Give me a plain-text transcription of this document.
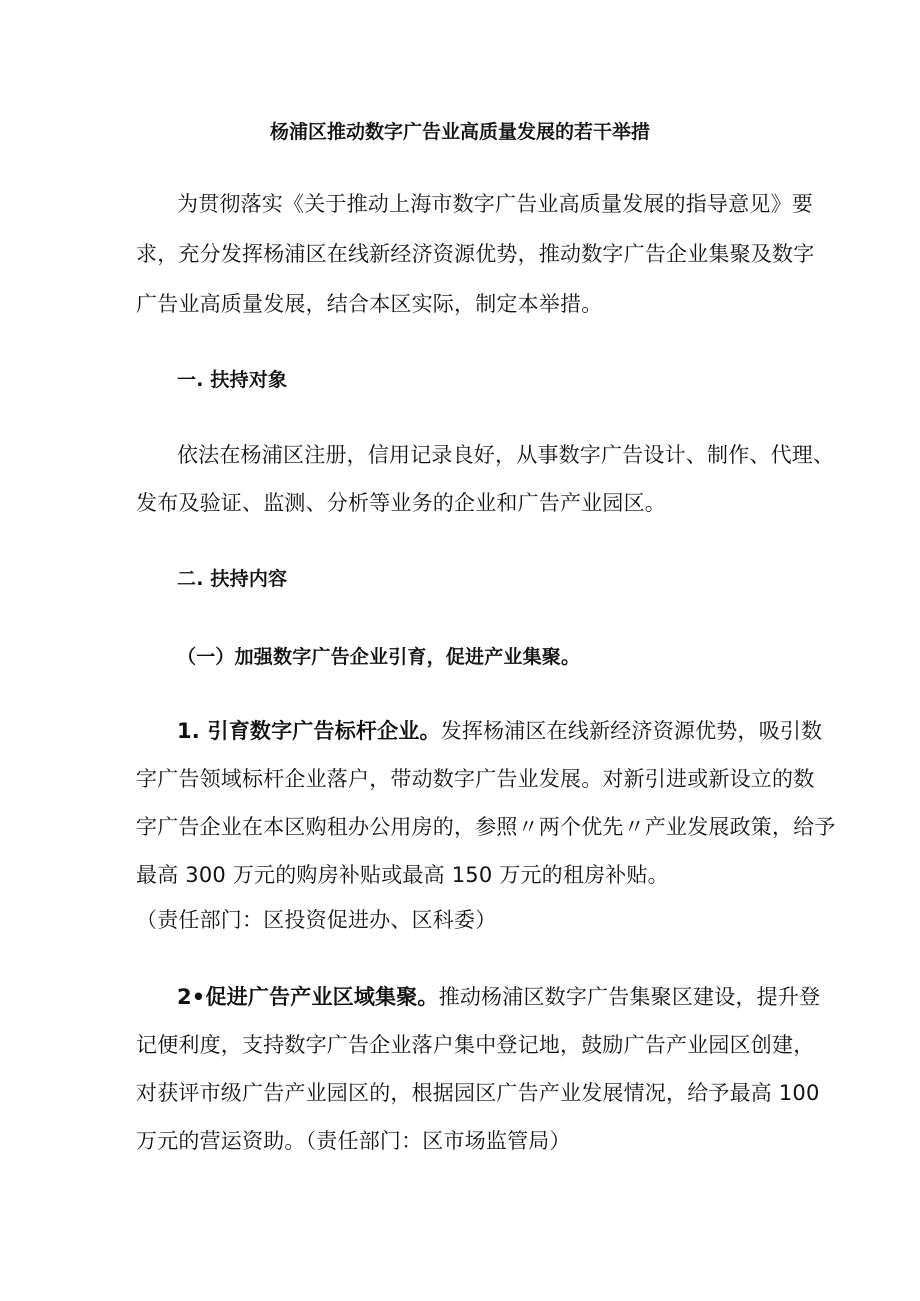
杨浦区推动数字广告业高质量发展的若干举措
为贯彻落实《关于推动上海市数字广告业高质量发展的指导意见》要
求，充分发挥杨浦区在线新经济资源优势，推动数字广告企业集聚及数字
广告业高质量发展，结合本区实际，制定本举措。
一. 扶持对象
依法在杨浦区注册，信用记录良好，从事数字广告设计、制作、代理、
发布及验证、监测、分析等业务的企业和广告产业园区。
二. 扶持内容
（一）加强数字广告企业引育，促进产业集聚。
1. 引育数字广告标杆企业。发挥杨浦区在线新经济资源优势，吸引数
字广告领域标杆企业落户，带动数字广告业发展。对新引进或新设立的数
字广告企业在本区购租办公用房的，参照〃两个优先〃产业发展政策，给予
最高 300 万元的购房补贴或最高 150 万元的租房补贴。
（责任部门：区投资促进办、区科委）
2•促进广告产业区域集聚。推动杨浦区数字广告集聚区建设，提升登
记便利度，支持数字广告企业落户集中登记地，鼓励广告产业园区创建，
对获评市级广告产业园区的，根据园区广告产业发展情况，给予最高 100
万元的营运资助。（责任部门：区市场监管局）
